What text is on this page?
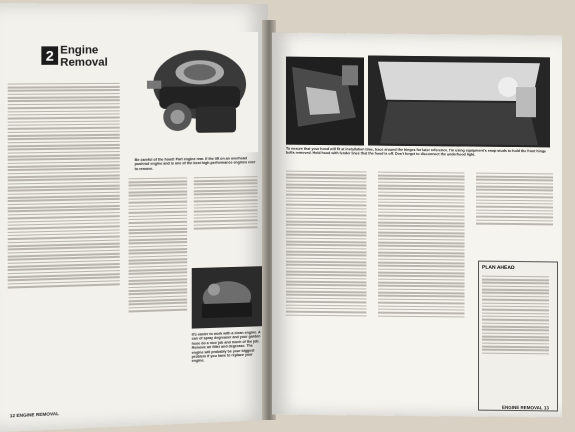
2 Engine Removal
Be careful of the hood! Part engine rear. If the lift on an overhead pushrod engine and is one of the best high-performance engines ever to remove.
It's easier to work with a clean engine. A can of spray degreaser and your garden hose do a nice job and much of the job. Remove air filter and degrease. The engine will probably be your biggest problem if you have to replace your engine.
12 ENGINE REMOVAL
To ensure that your hood will fit at installation time, trace around the hinges for later reference. I'm using equipment's snap-studs to hold the front hinge bolts removed. Hold hood with fender lines that the hood is off. Don't forget to disconnect the underhood light.
PLAN AHEAD
ENGINE REMOVAL 13
